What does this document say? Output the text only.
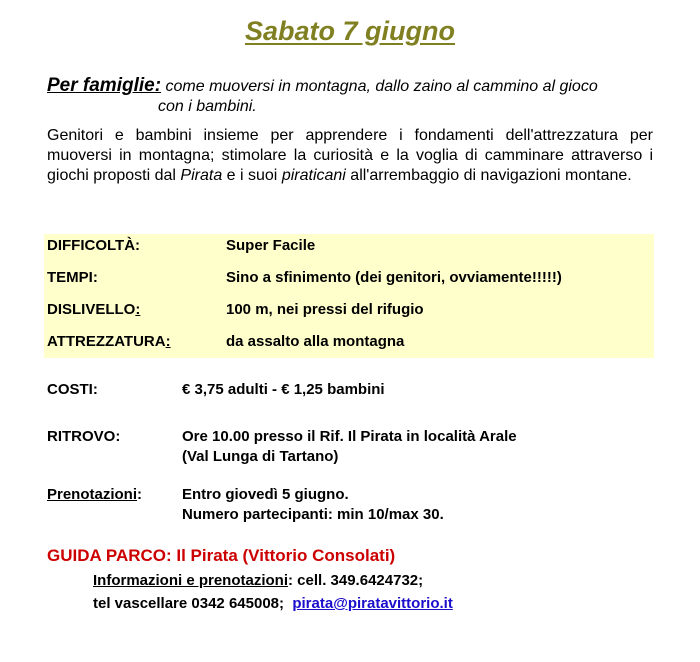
Sabato 7 giugno
Per famiglie: come muoversi in montagna, dallo zaino al cammino al gioco
con i bambini.
Genitori e bambini insieme per apprendere i fondamenti dell'attrezzatura per muoversi in montagna; stimolare la curiosità e la voglia di camminare attraverso i giochi proposti dal Pirata e i suoi piraticani all'arrembaggio di navigazioni montane.
DIFFICOLTÀ:	Super Facile
TEMPI:	Sino a sfinimento (dei genitori, ovviamente!!!!!)
DISLIVELLO:	100 m, nei pressi del rifugio
ATTREZZATURA:	da assalto alla montagna
COSTI:	€ 3,75 adulti - € 1,25 bambini
RITROVO:	Ore 10.00 presso il Rif. Il Pirata in località Arale
(Val Lunga di Tartano)
Prenotazioni:	Entro giovedì 5 giugno.
Numero partecipanti: min 10/max 30.
GUIDA PARCO: Il Pirata (Vittorio Consolati)
Informazioni e prenotazioni: cell. 349.6424732;
tel vascellare 0342 645008;  pirata@piratavittorio.it
